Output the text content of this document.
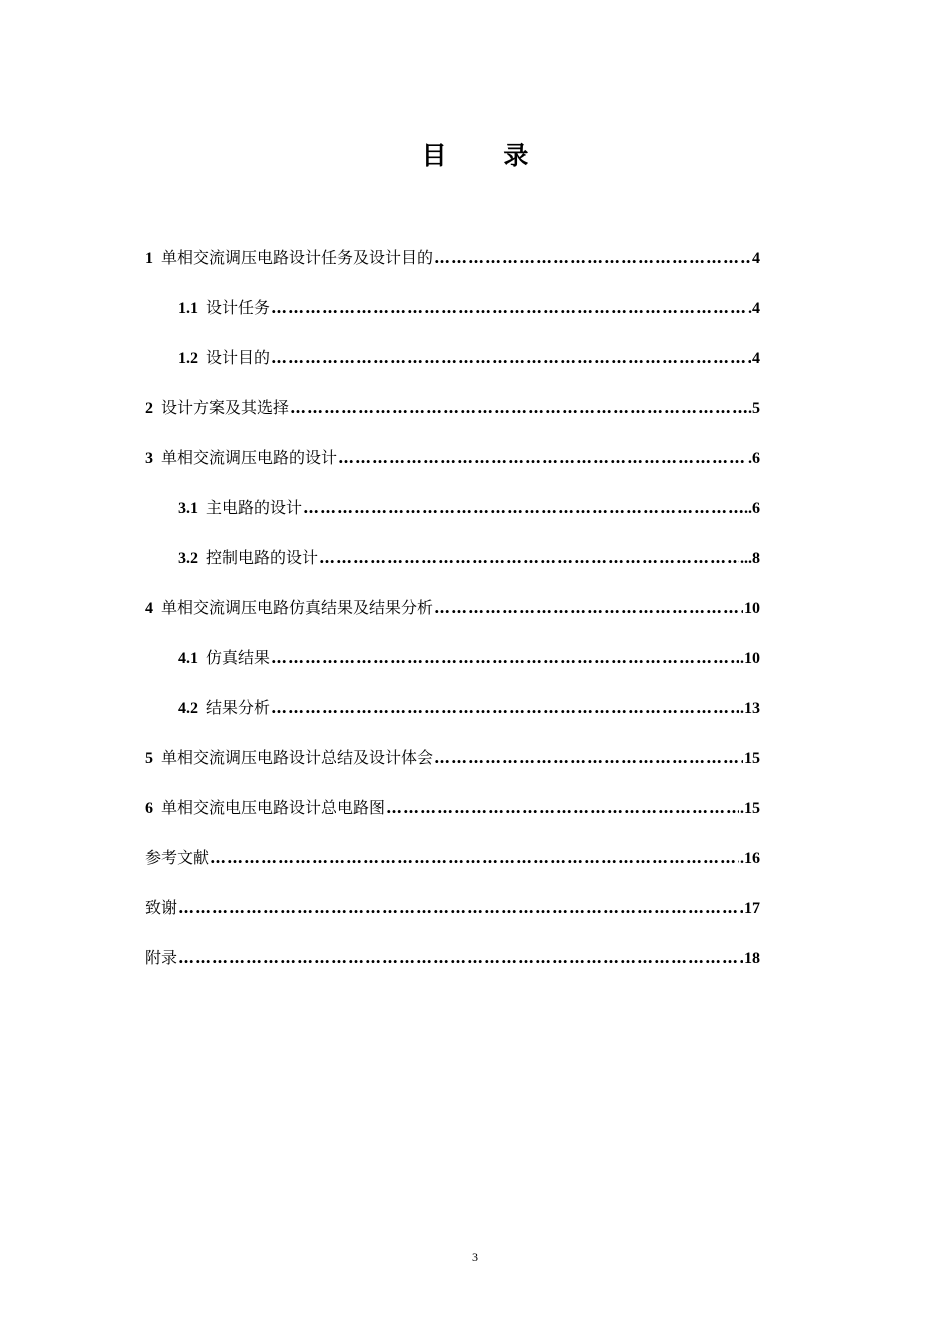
目 录
1 单相交流调压电路设计任务及设计目的 ……………………………………………………………………………………………………………………………………………………	4
1.1 设计任务 ……………………………………………………………………………………………………………………………………………………	.4
1.2 设计目的 ……………………………………………………………………………………………………………………………………………………	4
2 设计方案及其选择 ……………………………………………………………………………………………………………………………………………………	.5
3 单相交流调压电路的设计 ……………………………………………………………………………………………………………………………………………………	.6
3.1 主电路的设计 ……………………………………………………………………………………………………………………………………………………	..6
3.2 控制电路的设计 ……………………………………………………………………………………………………………………………………………………	...8
4 单相交流调压电路仿真结果及结果分析 ……………………………………………………………………………………………………………………………………………………	10
4.1 仿真结果 ……………………………………………………………………………………………………………………………………………………	.10
4.2 结果分析 ……………………………………………………………………………………………………………………………………………………	.13
5 单相交流调压电路设计总结及设计体会 ……………………………………………………………………………………………………………………………………………………	15
6 单相交流电压电路设计总电路图 ……………………………………………………………………………………………………………………………………………………	.15
参考文献 ……………………………………………………………………………………………………………………………………………………	.16
致谢 ……………………………………………………………………………………………………………………………………………………	17
附录 ……………………………………………………………………………………………………………………………………………………	18
3
